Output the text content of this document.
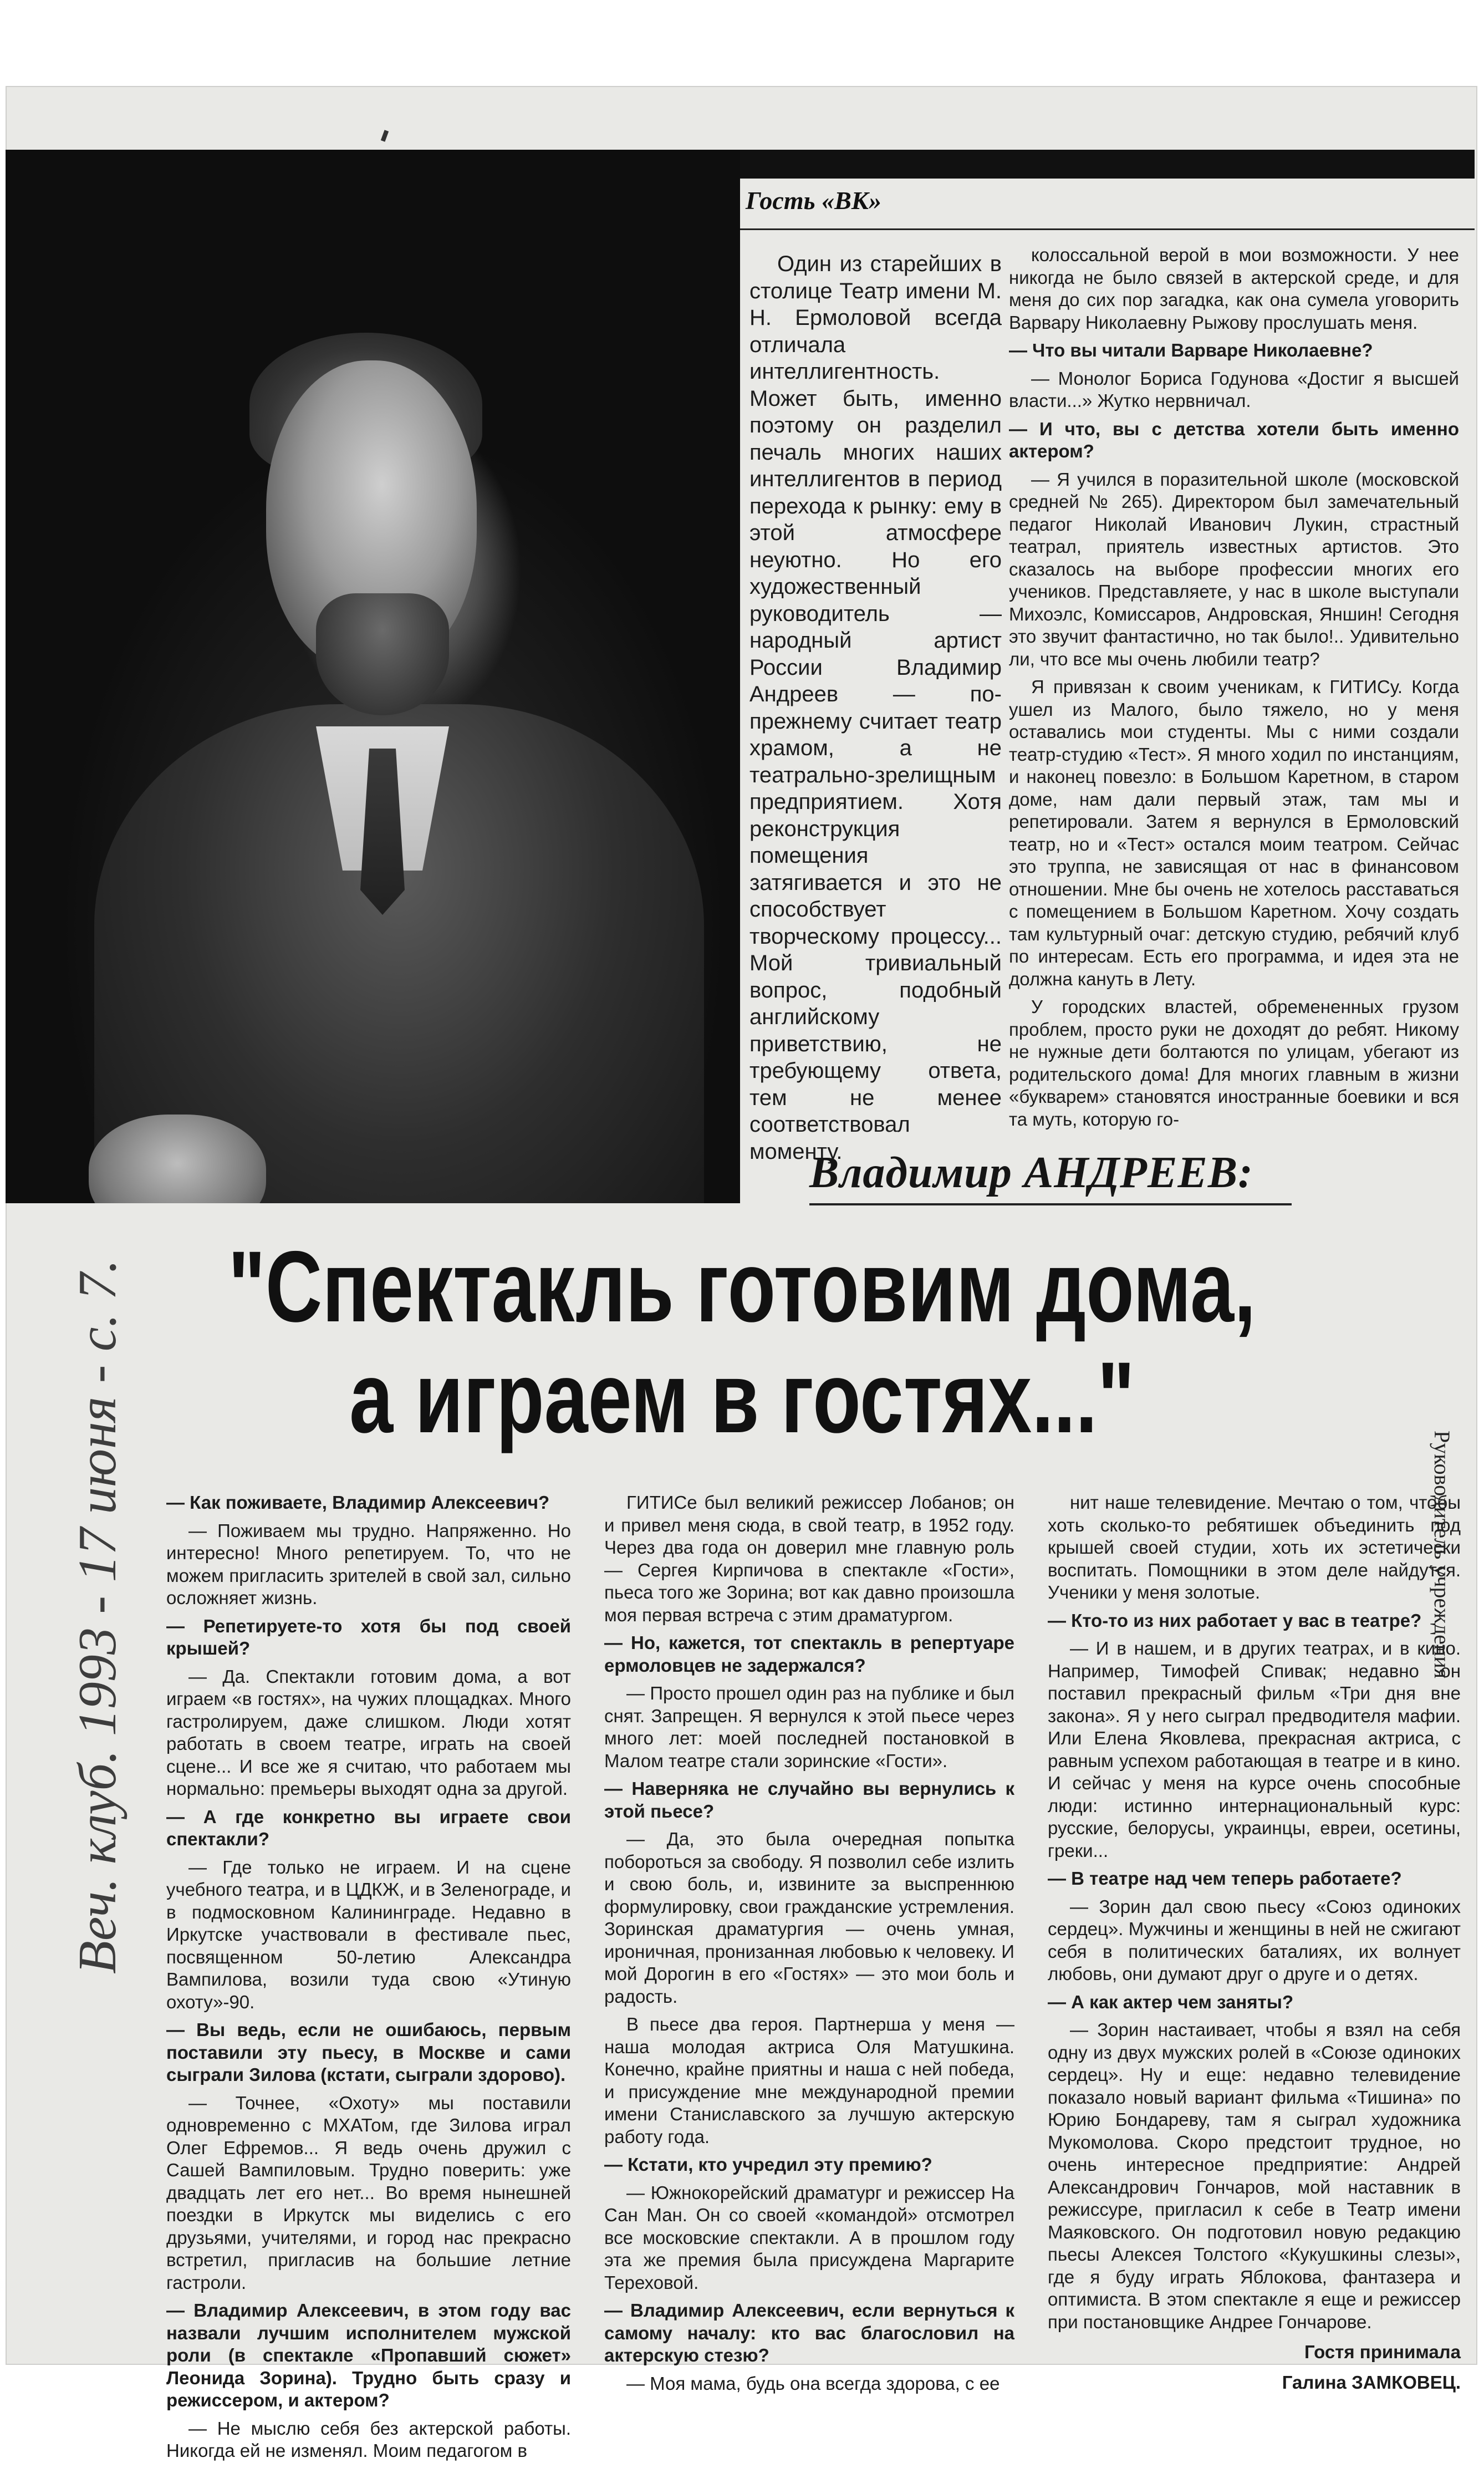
Гость «ВК»

Один из старейших в столице Театр имени М. Н. Ермоловой всегда отличала интеллигентность. Может быть, именно поэтому он разделил печаль многих наших интеллигентов в период перехода к рынку: ему в этой атмосфере неуютно. Но его художественный руководитель — народный артист России Владимир Андреев — по-прежнему считает театр храмом, а не театрально-зрелищным предприятием. Хотя реконструкция помещения затягивается и это не способствует творческому процессу... Мой тривиальный вопрос, подобный английскому приветствию, не требующему ответа, тем не менее соответствовал моменту.

колоссальной верой в мои возможности. У нее никогда не было связей в актерской среде, и для меня до сих пор загадка, как она сумела уговорить Варвару Николаевну Рыжову прослушать меня.

— Что вы читали Варваре Николаевне?

— Монолог Бориса Годунова «Достиг я высшей власти...» Жутко нервничал.

— И что, вы с детства хотели быть именно актером?

— Я учился в поразительной школе (московской средней № 265). Директором был замечательный педагог Николай Иванович Лукин, страстный театрал, приятель известных артистов. Это сказалось на выборе профессии многих его учеников. Представляете, у нас в школе выступали Михоэлс, Комиссаров, Андровская, Яншин! Сегодня это звучит фантастично, но так было!.. Удивительно ли, что все мы очень любили театр?

Я привязан к своим ученикам, к ГИТИСу. Когда ушел из Малого, было тяжело, но у меня оставались мои студенты. Мы с ними создали театр-студию «Тест». Я много ходил по инстанциям, и наконец повезло: в Большом Каретном, в старом доме, нам дали первый этаж, там мы и репетировали. Затем я вернулся в Ермоловский театр, но и «Тест» остался моим театром. Сейчас это труппа, не зависящая от нас в финансовом отношении. Мне бы очень не хотелось расставаться с помещением в Большом Каретном. Хочу создать там культурный очаг: детскую студию, ребячий клуб по интересам. Есть его программа, и идея эта не должна кануть в Лету.

У городских властей, обремененных грузом проблем, просто руки не доходят до ребят. Никому не нужные дети болтаются по улицам, убегают из родительского дома! Для многих главным в жизни «букварем» становятся иностранные боевики и вся та муть, которую го-

Владимир АНДРЕЕВ:
"Спектакль готовим дома,
а играем в гостях..."

— Как поживаете, Владимир Алексеевич?

— Поживаем мы трудно. Напряженно. Но интересно! Много репетируем. То, что не можем пригласить зрителей в свой зал, сильно осложняет жизнь.

— Репетируете-то хотя бы под своей крышей?

— Да. Спектакли готовим дома, а вот играем «в гостях», на чужих площадках. Много гастролируем, даже слишком. Люди хотят работать в своем театре, играть на своей сцене... И все же я считаю, что работаем мы нормально: премьеры выходят одна за другой.

— А где конкретно вы играете свои спектакли?

— Где только не играем. И на сцене учебного театра, и в ЦДКЖ, и в Зеленограде, и в подмосковном Калининграде. Недавно в Иркутске участвовали в фестивале пьес, посвященном 50-летию Александра Вампилова, возили туда свою «Утиную охоту»-90.

— Вы ведь, если не ошибаюсь, первым поставили эту пьесу, в Москве и сами сыграли Зилова (кстати, сыграли здорово).

— Точнее, «Охоту» мы поставили одновременно с МХАТом, где Зилова играл Олег Ефремов... Я ведь очень дружил с Сашей Вампиловым. Трудно поверить: уже двадцать лет его нет... Во время нынешней поездки в Иркутск мы виделись с его друзьями, учителями, и город нас прекрасно встретил, пригласив на большие летние гастроли.

— Владимир Алексеевич, в этом году вас назвали лучшим исполнителем мужской роли (в спектакле «Пропавший сюжет» Леонида Зорина). Трудно быть сразу и режиссером, и актером?

— Не мыслю себя без актерской работы. Никогда ей не изменял. Моим педагогом в

ГИТИСе был великий режиссер Лобанов; он и привел меня сюда, в свой театр, в 1952 году. Через два года он доверил мне главную роль — Сергея Кирпичова в спектакле «Гости», пьеса того же Зорина; вот как давно произошла моя первая встреча с этим драматургом.

— Но, кажется, тот спектакль в репертуаре ермоловцев не задержался?

— Просто прошел один раз на публике и был снят. Запрещен. Я вернулся к этой пьесе через много лет: моей последней постановкой в Малом театре стали зоринские «Гости».

— Наверняка не случайно вы вернулись к этой пьесе?

— Да, это была очередная попытка побороться за свободу. Я позволил себе излить и свою боль, и, извините за выспреннюю формулировку, свои гражданские устремления. Зоринская драматургия — очень умная, ироничная, пронизанная любовью к человеку. И мой Дорогин в его «Гостях» — это мои боль и радость.

В пьесе два героя. Партнерша у меня — наша молодая актриса Оля Матушкина. Конечно, крайне приятны и наша с ней победа, и присуждение мне международной премии имени Станиславского за лучшую актерскую работу года.

— Кстати, кто учредил эту премию?

— Южнокорейский драматург и режиссер На Сан Ман. Он со своей «командой» отсмотрел все московские спектакли. А в прошлом году эта же премия была присуждена Маргарите Тереховой.

— Владимир Алексеевич, если вернуться к самому началу: кто вас благословил на актерскую стезю?

— Моя мама, будь она всегда здорова, с ее

нит наше телевидение. Мечтаю о том, чтобы хоть сколько-то ребятишек объединить под крышей своей студии, хоть их эстетически воспитать. Помощники в этом деле найдутся. Ученики у меня золотые.

— Кто-то из них работает у вас в театре?

— И в нашем, и в других театрах, и в кино. Например, Тимофей Спивак; недавно он поставил прекрасный фильм «Три дня вне закона». Я у него сыграл предводителя мафии. Или Елена Яковлева, прекрасная актриса, с равным успехом работающая в театре и в кино. И сейчас у меня на курсе очень способные люди: истинно интернациональный курс: русские, белорусы, украинцы, евреи, осетины, греки...

— В театре над чем теперь работаете?

— Зорин дал свою пьесу «Союз одиноких сердец». Мужчины и женщины в ней не сжигают себя в политических баталиях, их волнует любовь, они думают друг о друге и о детях.

— А как актер чем заняты?

— Зорин настаивает, чтобы я взял на себя одну из двух мужских ролей в «Союзе одиноких сердец». Ну и еще: недавно телевидение показало новый вариант фильма «Тишина» по Юрию Бондареву, там я сыграл художника Мукомолова. Скоро предстоит трудное, но очень интересное предприятие: Андрей Александрович Гончаров, мой наставник в режиссуре, пригласил к себе в Театр имени Маяковского. Он подготовил новую редакцию пьесы Алексея Толстого «Кукушкины слезы», где я буду играть Яблокова, фантазера и оптимиста. В этом спектакле я еще и режиссер при постановщике Андрее Гончарове.

Гостя принимала

Галина ЗАМКОВЕЦ.

Веч. клуб. 1993 - 17 июня - с. 7.	Руководитель учреждения
